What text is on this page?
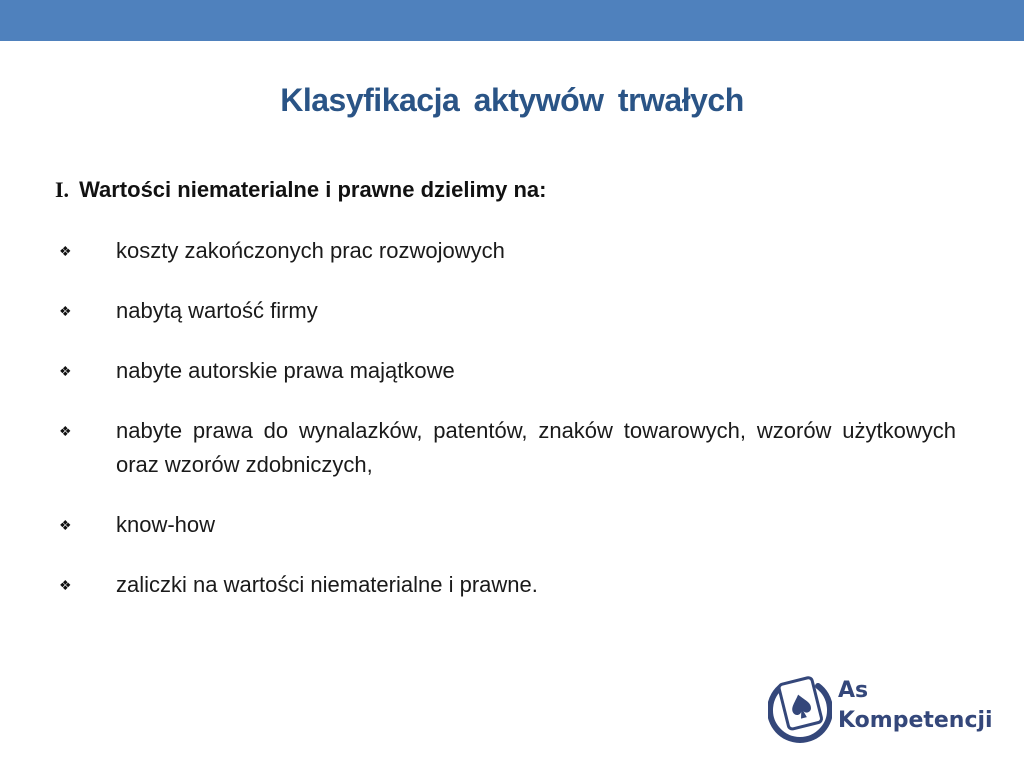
Klasyfikacja aktywów trwałych
I. Wartości niematerialne i prawne dzielimy na:
❖	koszty zakończonych prac rozwojowych
❖	nabytą wartość firmy
❖	nabyte autorskie prawa majątkowe
❖	nabyte prawa do wynalazków, patentów, znaków towarowych, wzorów użytkowych oraz wzorów zdobniczych,
❖	know-how
❖	zaliczki na wartości niematerialne i prawne.
As
Kompetencji
